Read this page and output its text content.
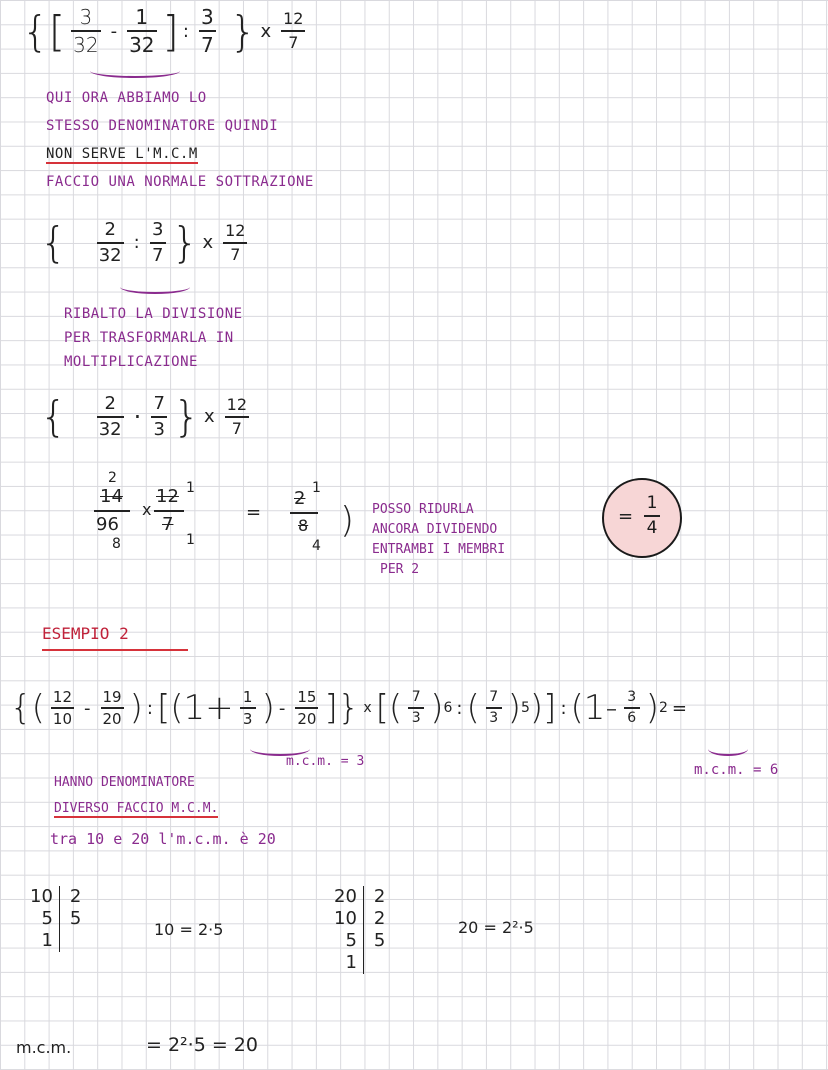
{[ $\frac{3}{32} - \frac{1}{32}$ ] : $\frac{3}{7}$ } x $\frac{12}{7}$
QUI ORA ABBIAMO LO
STESSO DENOMINATORE QUINDI
NON SERVE L'M.C.M
FACCIO UNA NORMALE SOTTRAZIONE
{ $\frac{2}{32}$ : $\frac{3}{7}$ } x $\frac{12}{7}$
RIBALTO LA DIVISIONE
PER TRASFORMARLA IN
MOLTIPLICAZIONE
{ $\frac{2}{32} \cdot \frac{7}{3}$ } x $\frac{12}{7}$
2
14
96
8
x
12 1
7
1
=
2 1
8
4
) POSSO RIDURLA
ANCORA DIVIDENDO
ENTRAMBI I MEMBRI
PER 2
=
1
4
ESEMPIO 2
{( $\frac{12}{10} - \frac{19}{20}$ ) : [($1+ \frac{1}{3}$ ) - $\frac{15}{20}$ ]} x [( $\frac{7}{3}$ ) 6 : ( $\frac{7}{3}$ ) 5 )] : ($1- \frac{3}{6}$ ) 2 =
m.c.m. = 3
m.c.m. = 6
HANNO DENOMINATORE
DIVERSO FACCIO M.C.M.
tra 10 e 20 l'm.c.m. è 20
10 2
5 5
1
10 = 2·5
20 2
10 2
5 5
1
20 = 2²·5
m.c.m.	= 2²·5 = 20
